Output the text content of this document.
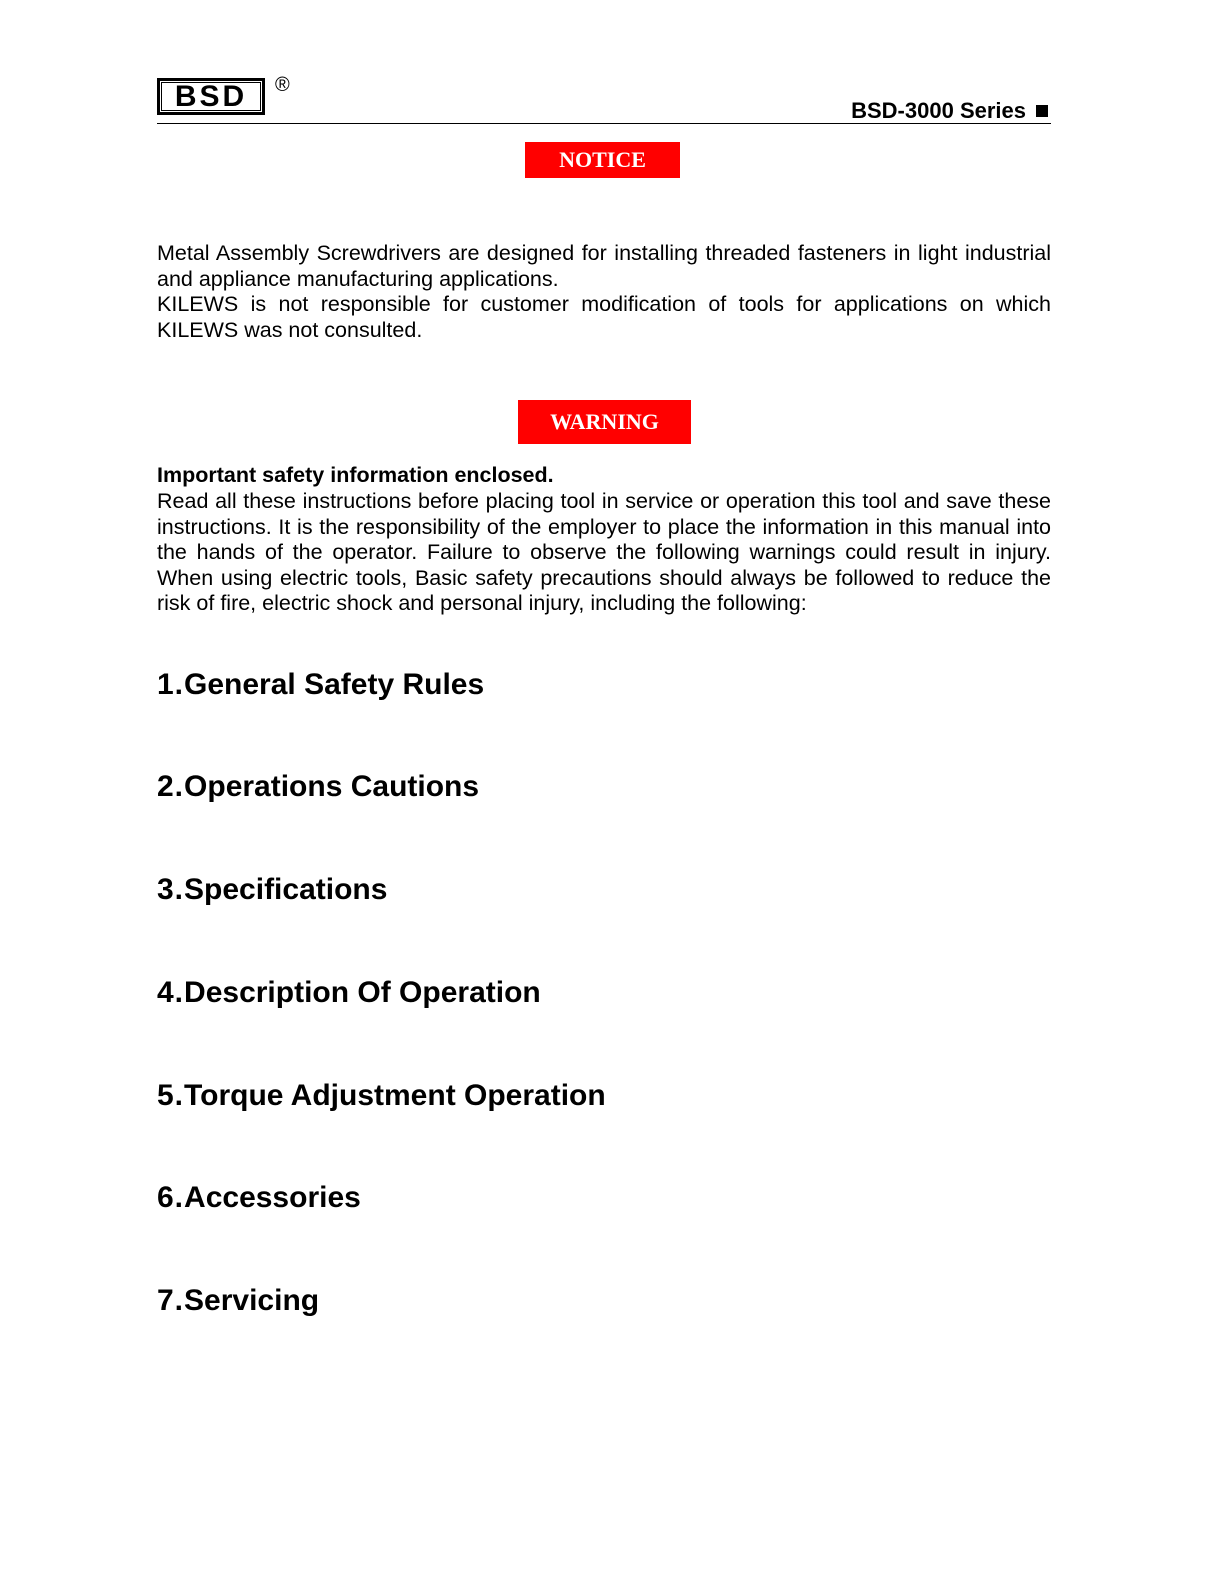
BSD	®
BSD-3000 Series
NOTICE

Metal Assembly Screwdrivers are designed for installing threaded fasteners in light industrial and appliance manufacturing applications.

KILEWS is not responsible for customer modification of tools for applications on which KILEWS was not consulted.

WARNING

Important safety information enclosed.

Read all these instructions before placing tool in service or operation this tool and save these instructions. It is the responsibility of the employer to place the information in this manual into the hands of the operator. Failure to observe the following warnings could result in injury. When using electric tools, Basic safety precautions should always be followed to reduce the risk of fire, electric shock and personal injury, including the following:

1.General Safety Rules

2.Operations Cautions

3.Specifications

4.Description Of Operation

5.Torque Adjustment Operation

6.Accessories

7.Servicing
